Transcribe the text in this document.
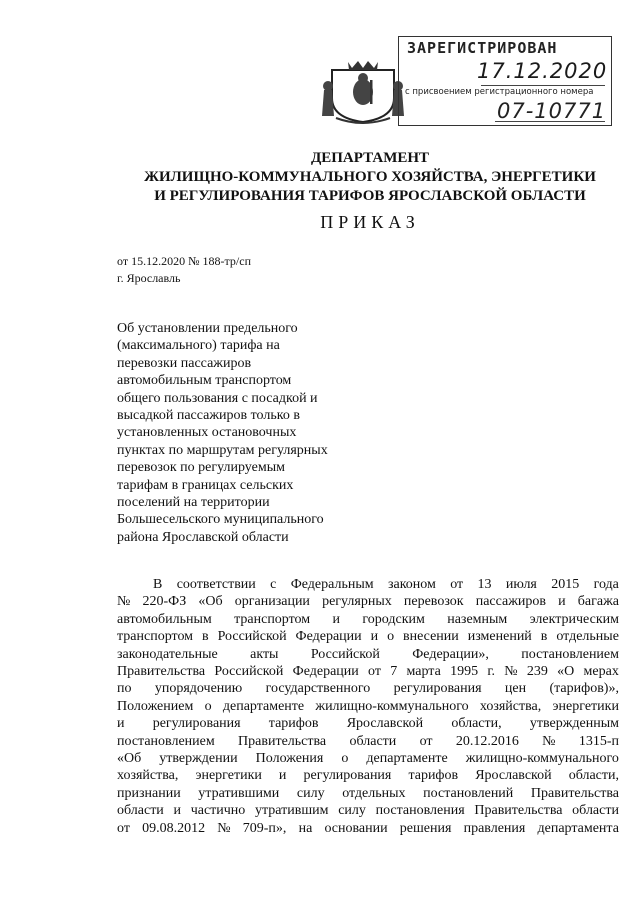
ЗАРЕГИСТРИРОВАН
17.12.2020
с присвоением регистрационного номера
07-10771
ДЕПАРТАМЕНТ
ЖИЛИЩНО-КОММУНАЛЬНОГО ХОЗЯЙСТВА, ЭНЕРГЕТИКИ
И РЕГУЛИРОВАНИЯ ТАРИФОВ ЯРОСЛАВСКОЙ ОБЛАСТИ
ПРИКАЗ
от 15.12.2020 № 188-тр/сп
г. Ярославль
Об установлении предельного
(максимального) тарифа на
перевозки пассажиров
автомобильным транспортом
общего пользования с посадкой и
высадкой пассажиров только в
установленных остановочных
пунктах по маршрутам регулярных
перевозок по регулируемым
тарифам в границах сельских
поселений на территории
Большесельского муниципального
района Ярославской области
В соответствии с Федеральным законом от 13 июля 2015 года
№ 220-ФЗ «Об организации регулярных перевозок пассажиров и багажа
автомобильным транспортом и городским наземным электрическим
транспортом в Российской Федерации и о внесении изменений в отдельные
законодательные акты Российской Федерации», постановлением
Правительства Российской Федерации от 7 марта 1995 г. № 239 «О мерах
по упорядочению государственного регулирования цен (тарифов)»,
Положением о департаменте жилищно-коммунального хозяйства, энергетики
и регулирования тарифов Ярославской области, утвержденным
постановлением Правительства области от 20.12.2016 № 1315-п
«Об утверждении Положения о департаменте жилищно-коммунального
хозяйства, энергетики и регулирования тарифов Ярославской области,
признании утратившими силу отдельных постановлений Правительства
области и частично утратившим силу постановления Правительства области
от 09.08.2012 № 709-п», на основании решения правления департамента
